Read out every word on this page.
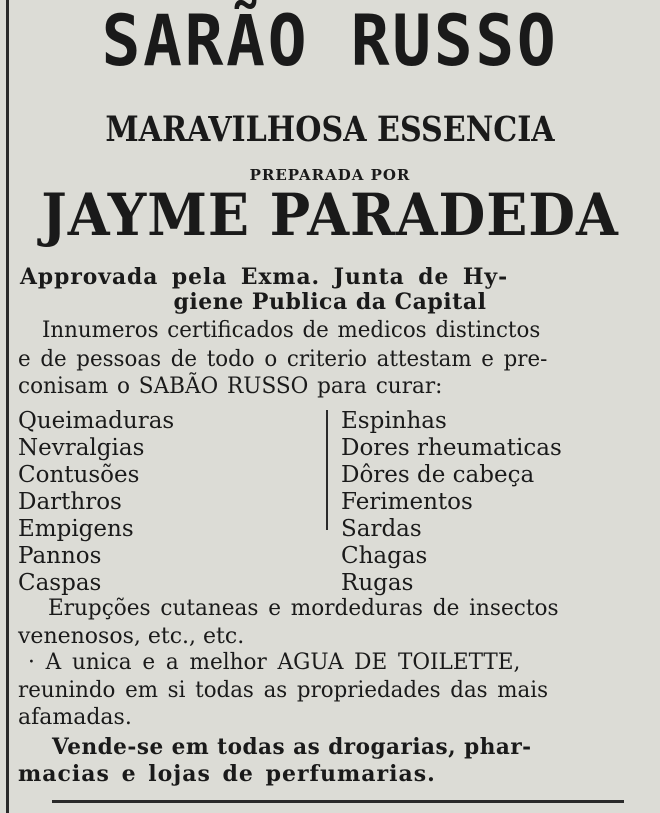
SARÃO RUSSO
MARAVILHOSA ESSENCIA
PREPARADA POR
JAYME PARADEDA
Approvada pela Exma. Junta de Hy-
giene Publica da Capital
Innumeros certificados de medicos distinctos
e de pessoas de todo o criterio attestam e pre-
conisam o SABÃO RUSSO para curar:
Queimaduras
Nevralgias
Contusões
Darthros
Empigens
Pannos
Caspas
Espinhas
Dores rheumaticas
Dôres de cabeça
Ferimentos
Sardas
Chagas
Rugas
Erupções cutaneas e mordeduras de insectos
venenosos, etc., etc.
· A unica e a melhor AGUA DE TOILETTE,
reunindo em si todas as propriedades das mais
afamadas.
Vende-se em todas as drogarias, phar-
macias e lojas de perfumarias.
